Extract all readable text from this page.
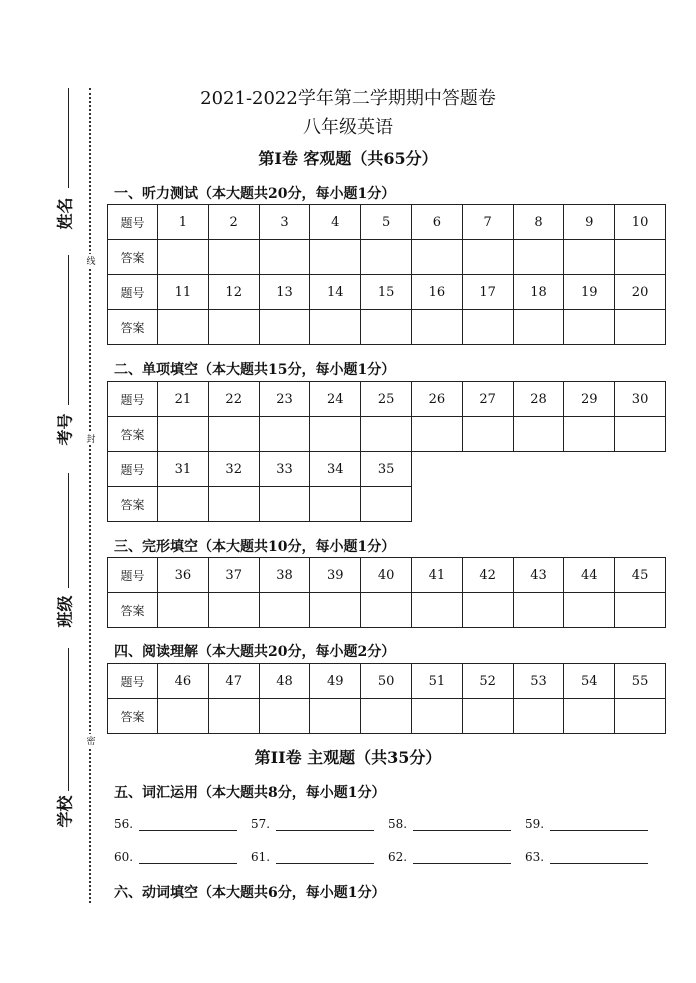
姓名
考号
班级
学校
线
封
密
2021-2022学年第二学期期中答题卷
八年级英语
第Ⅰ卷 客观题（共65分）
一、听力测试（本大题共20分，每小题1分）
题号	1	2	3	4	5	6	7	8	9	10
答案										
题号	11	12	13	14	15	16	17	18	19	20
答案										
二、单项填空（本大题共15分，每小题1分）
题号	21	22	23	24	25	26	27	28	29	30
答案										
题号	31	32	33	34	35
答案					
三、完形填空（本大题共10分，每小题1分）
题号	36	37	38	39	40	41	42	43	44	45
答案										
四、阅读理解（本大题共20分，每小题2分）
题号	46	47	48	49	50	51	52	53	54	55
答案										
第II卷 主观题（共35分）
五、词汇运用（本大题共8分，每小题1分）
56.	57.	58.	59.
60.	61.	62.	63.
六、动词填空（本大题共6分，每小题1分）
